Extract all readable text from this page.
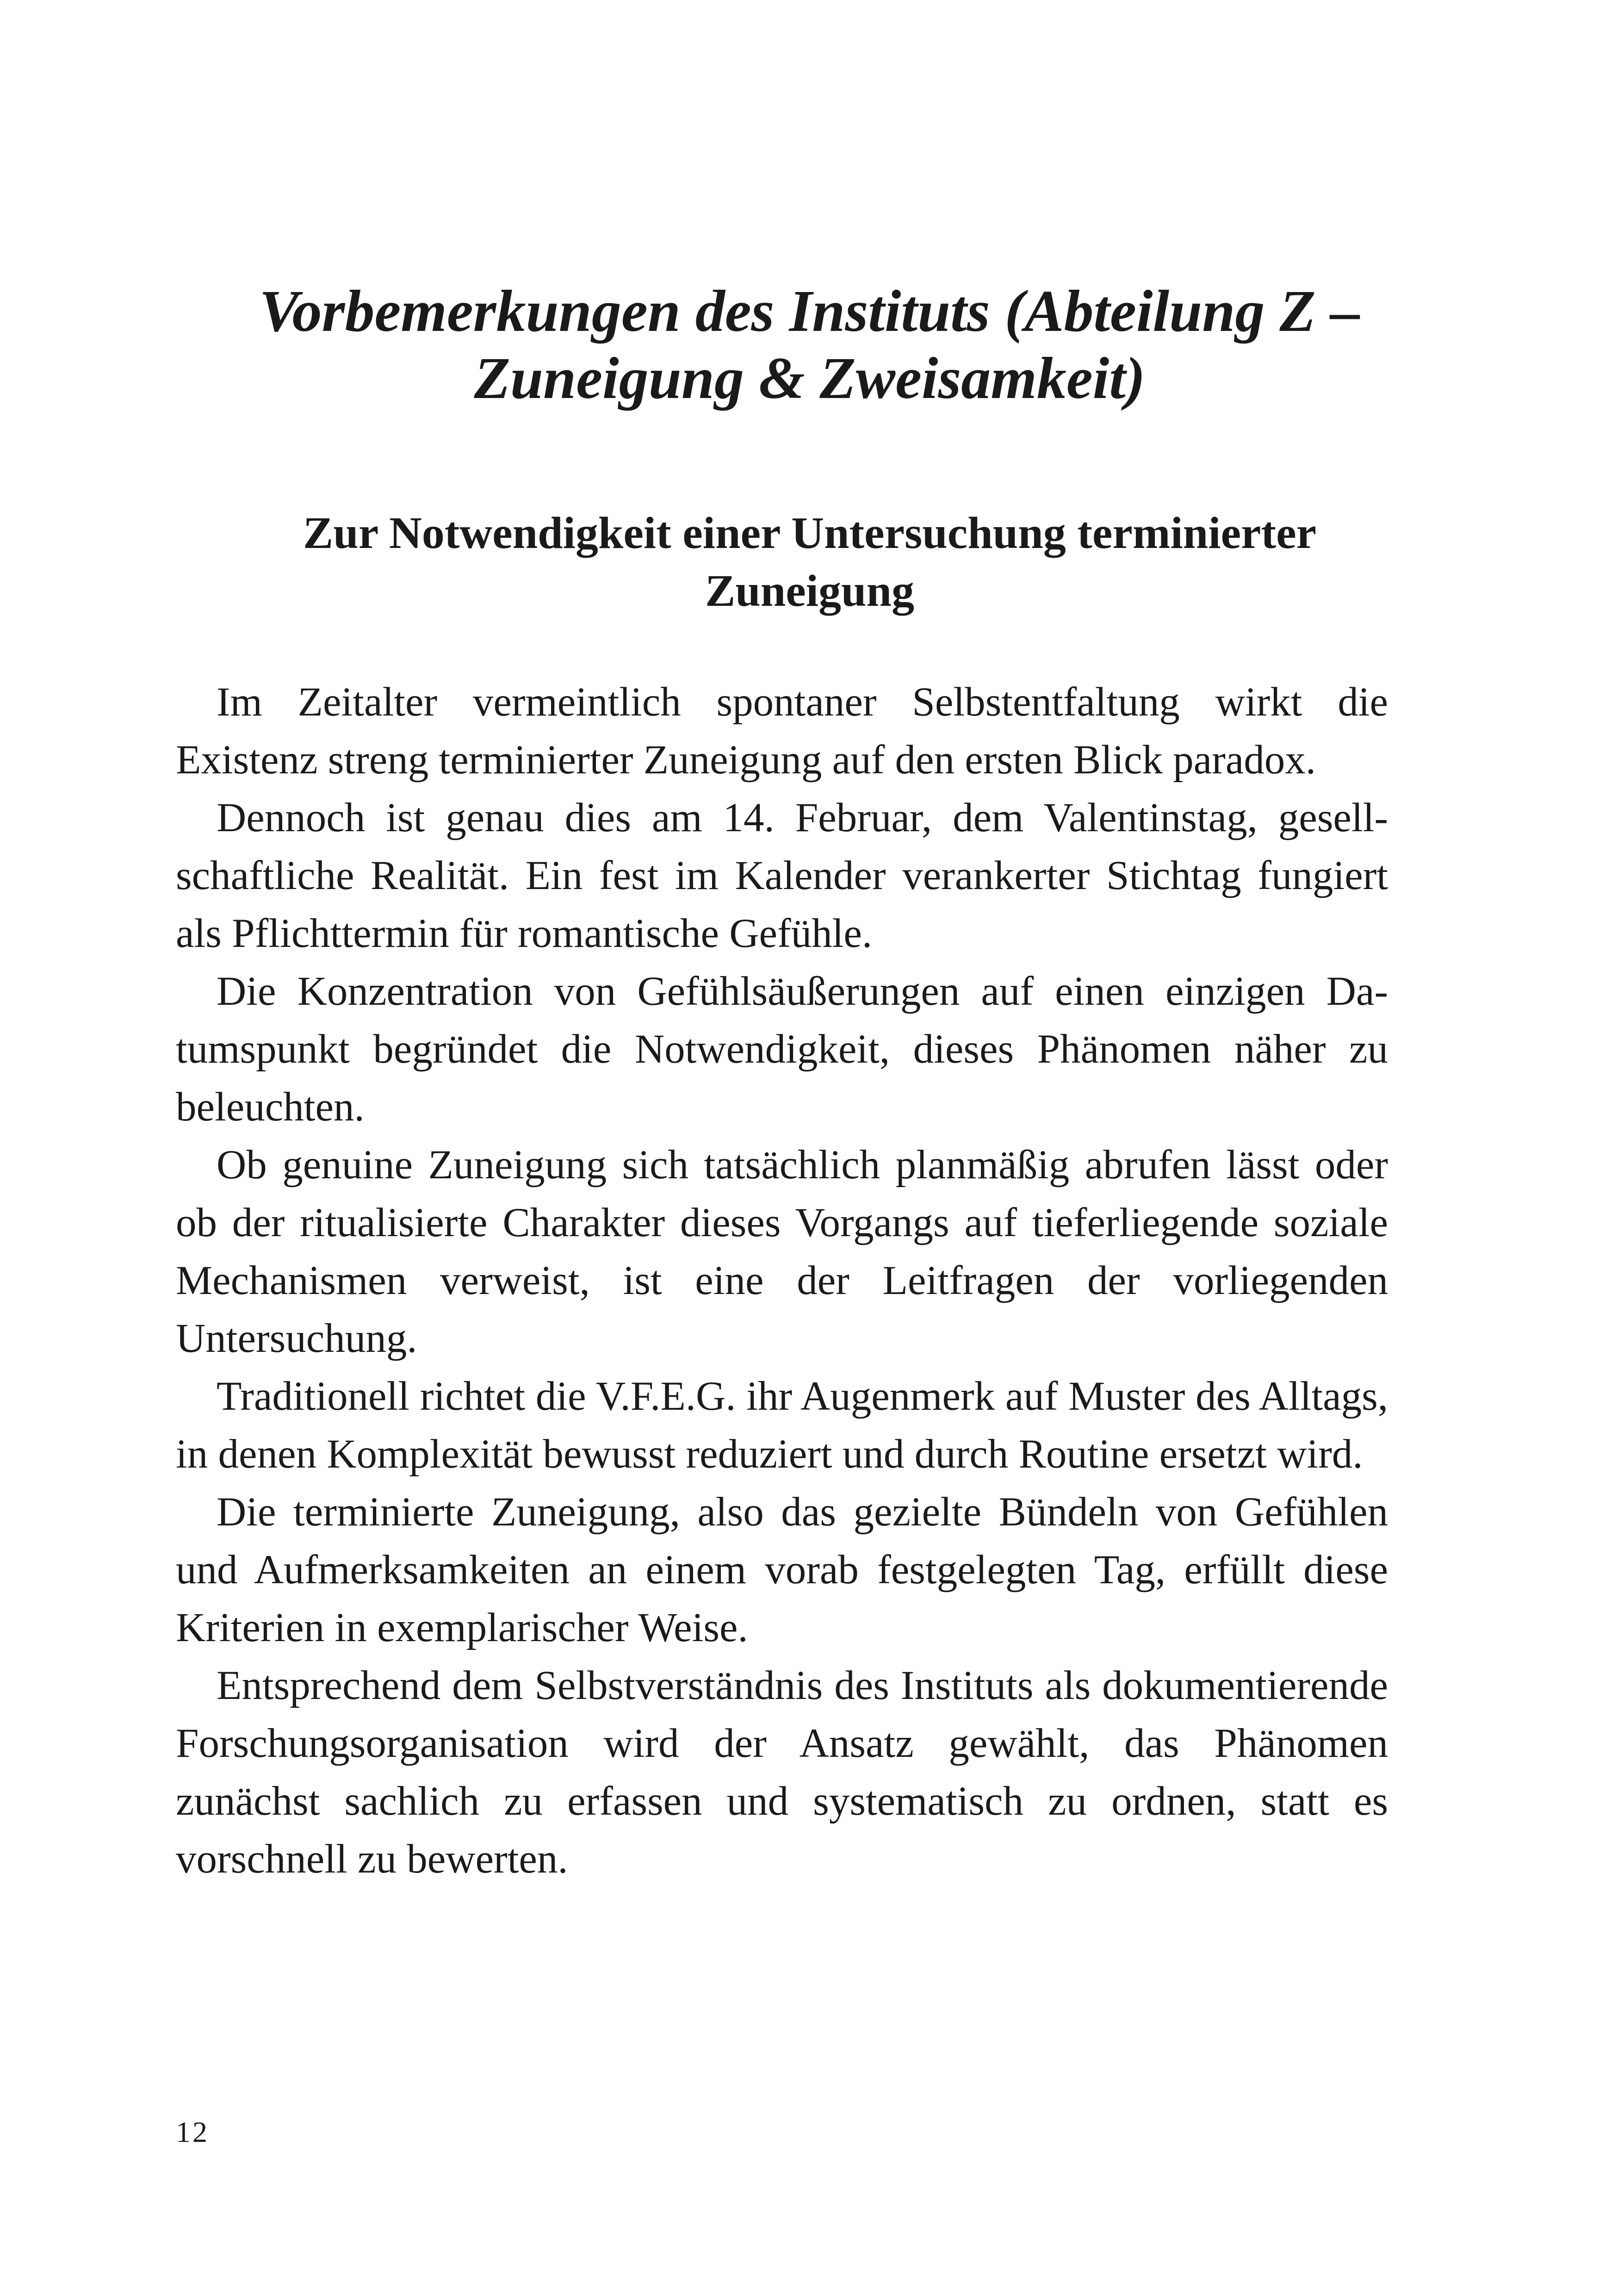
Vorbemerkungen des Instituts (Abteilung Z –
Zuneigung & Zweisamkeit)
Zur Notwendigkeit einer Untersuchung terminierter
Zuneigung

Im Zeitalter vermeintlich spontaner Selbstentfaltung wirkt die Existenz streng terminierter Zuneigung auf den ersten Blick paradox.

Dennoch ist genau dies am 14. Februar, dem Valentinstag, gesellschaftliche Realität. Ein fest im Kalender verankerter Stichtag fungiert als Pflichttermin für romantische Gefühle.

Die Konzentration von Gefühlsäußerungen auf einen einzigen Datumspunkt begründet die Notwendigkeit, dieses Phänomen näher zu beleuchten.

Ob genuine Zuneigung sich tatsächlich planmäßig abrufen lässt oder ob der ritualisierte Charakter dieses Vorgangs auf tieferliegende soziale Mechanismen verweist, ist eine der Leitfragen der vorliegenden Untersuchung.

Traditionell richtet die V.F.E.G. ihr Augenmerk auf Muster des Alltags, in denen Komplexität bewusst reduziert und durch Routine ersetzt wird.

Die terminierte Zuneigung, also das gezielte Bündeln von Gefühlen und Aufmerksamkeiten an einem vorab festgelegten Tag, erfüllt diese Kriterien in exemplarischer Weise.

Entsprechend dem Selbstverständnis des Instituts als dokumentierende Forschungsorganisation wird der Ansatz gewählt, das Phänomen zunächst sachlich zu erfassen und systematisch zu ordnen, statt es vorschnell zu bewerten.

12
